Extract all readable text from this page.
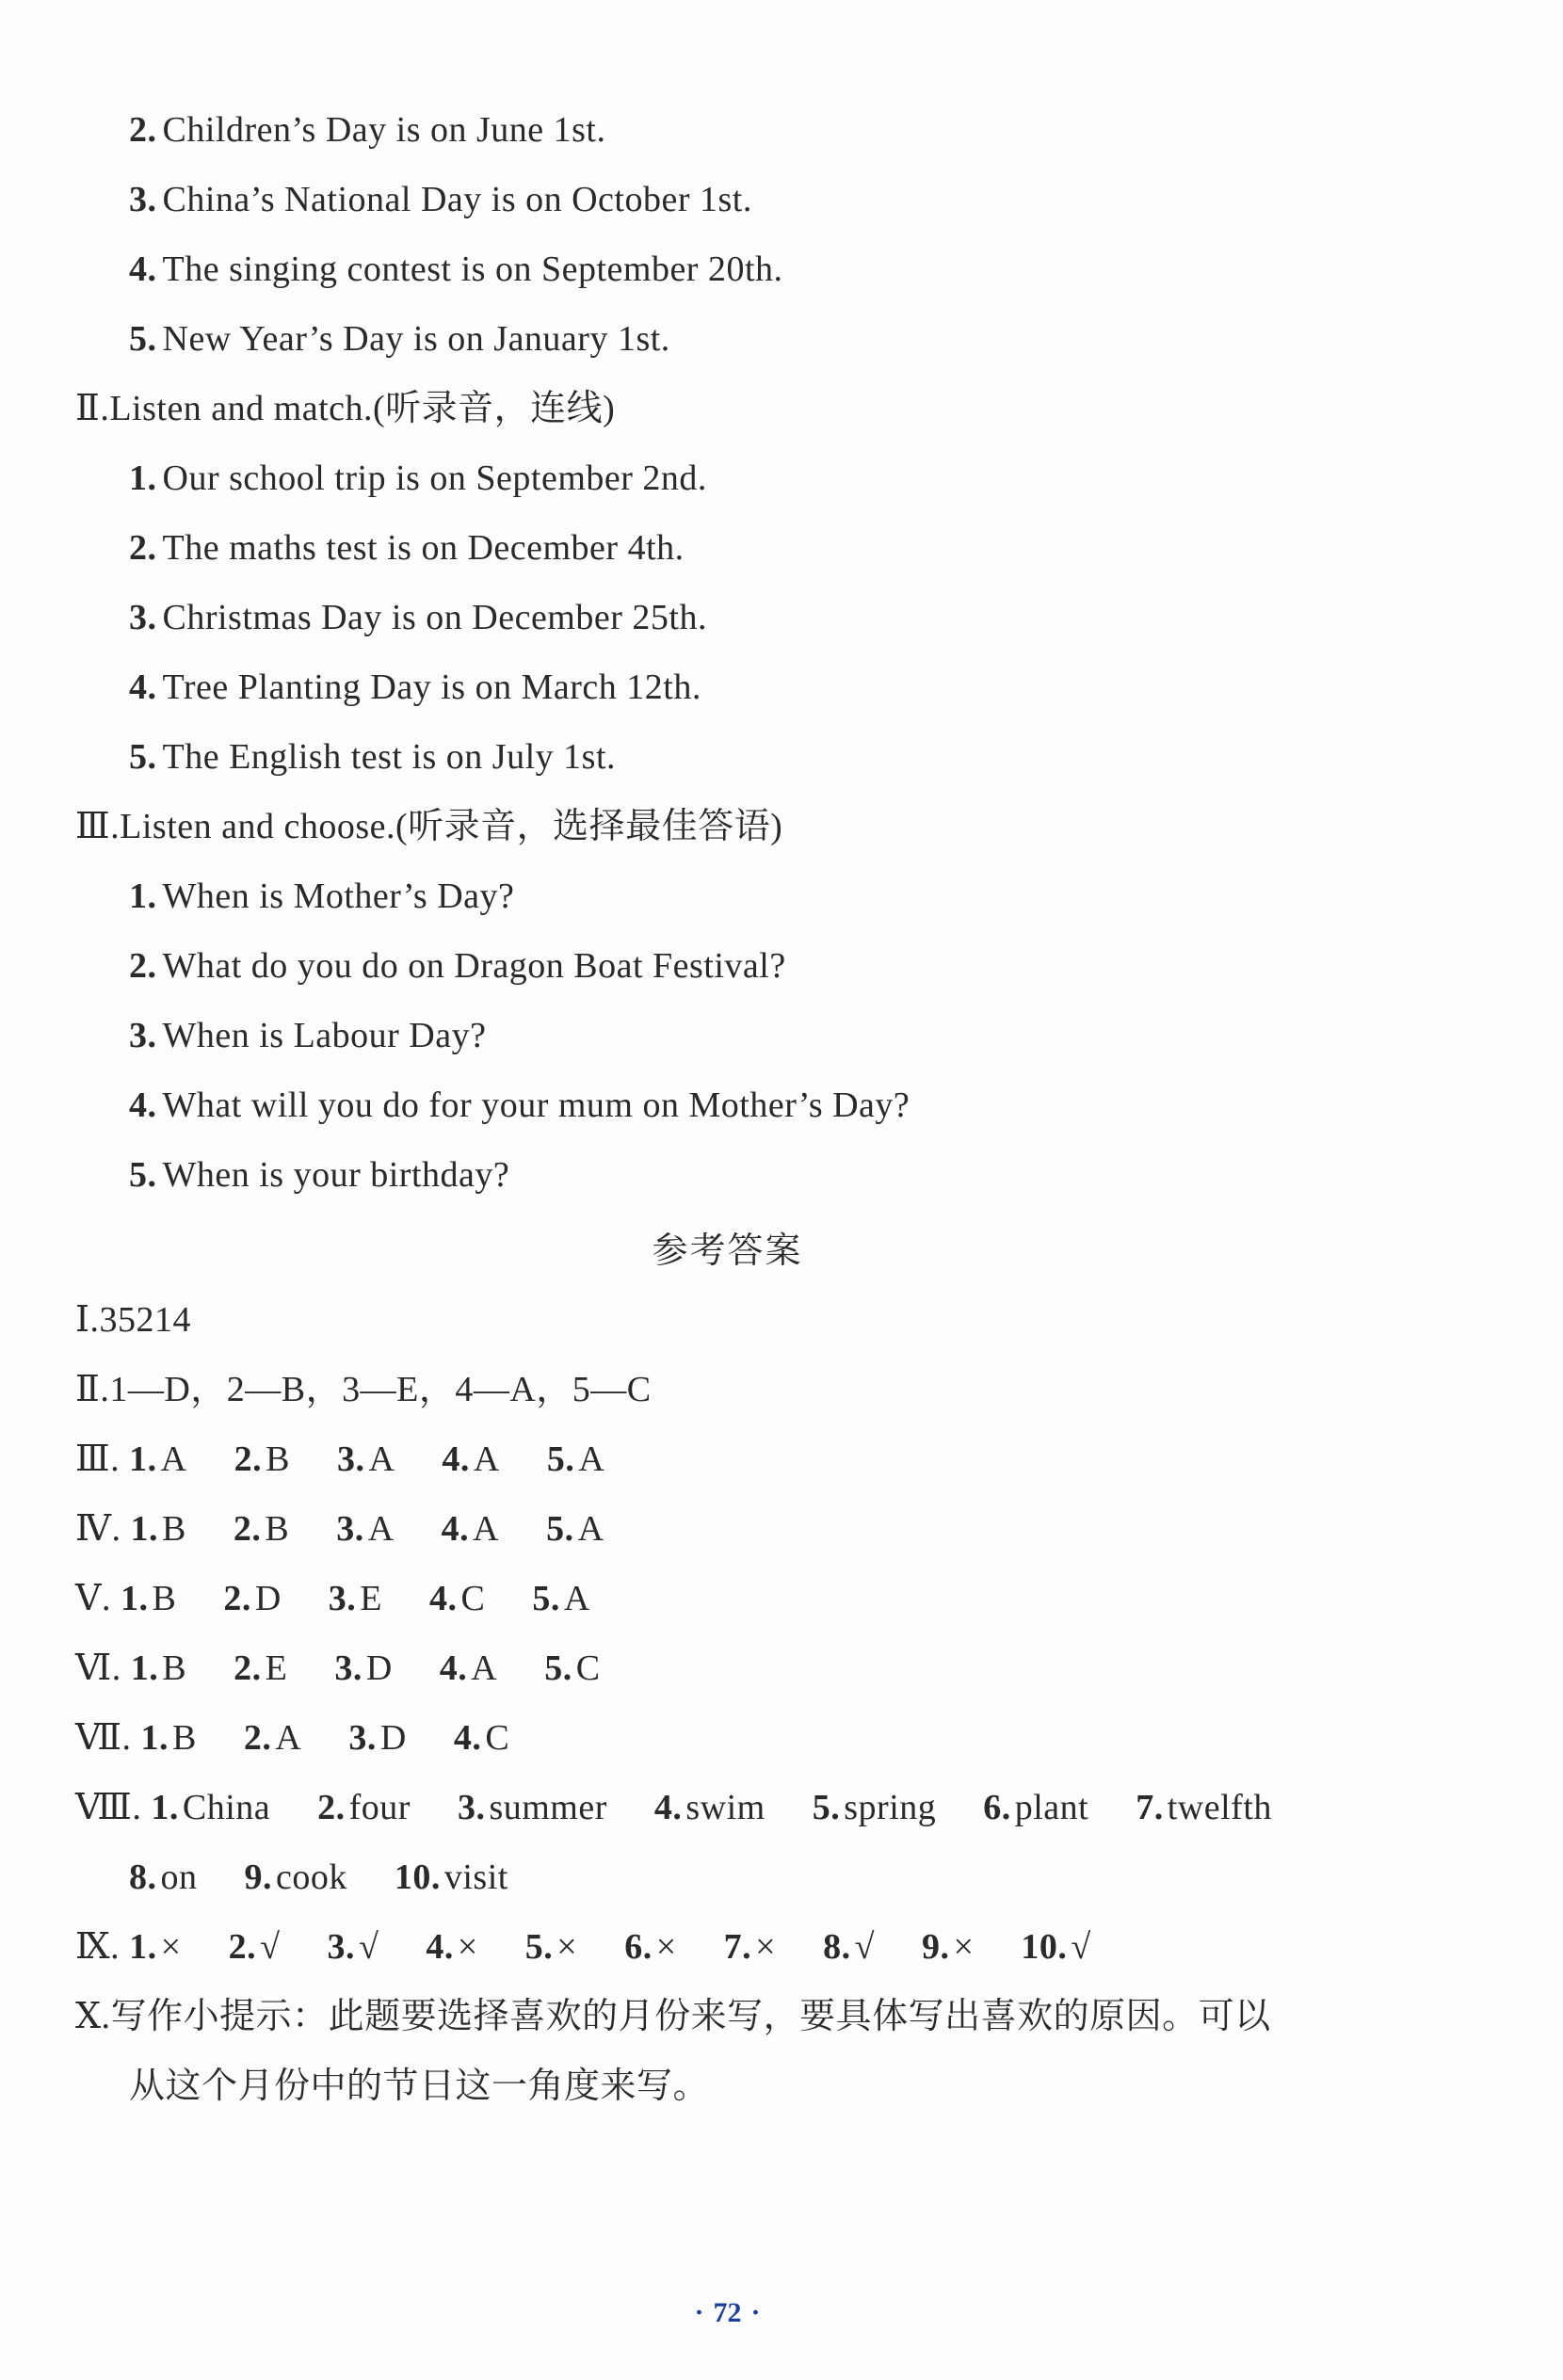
2. Children’s Day is on June 1st.
3. China’s National Day is on October 1st.
4. The singing contest is on September 20th.
5. New Year’s Day is on January 1st.
Ⅱ.Listen and match.(听录音，连线)
1. Our school trip is on September 2nd.
2. The maths test is on December 4th.
3. Christmas Day is on December 25th.
4. Tree Planting Day is on March 12th.
5. The English test is on July 1st.
Ⅲ.Listen and choose.(听录音，选择最佳答语)
1. When is Mother’s Day?
2. What do you do on Dragon Boat Festival?
3. When is Labour Day?
4. What will you do for your mum on Mother’s Day?
5. When is your birthday?
参考答案
Ⅰ.35214
Ⅱ.1—D，2—B，3—E，4—A，5—C
Ⅲ. 1. A 2. B 3. A 4. A 5. A
Ⅳ. 1. B 2. B 3. A 4. A 5. A
Ⅴ. 1. B 2. D 3. E 4. C 5. A
Ⅵ. 1. B 2. E 3. D 4. A 5. C
Ⅶ. 1. B 2. A 3. D 4. C
Ⅷ. 1. China 2. four 3. summer 4. swim 5. spring 6. plant 7. twelfth
8. on 9. cook 10. visit
Ⅸ. 1. × 2. √ 3. √ 4. × 5. × 6. × 7. × 8. √ 9. × 10. √
Ⅹ.写作小提示：此题要选择喜欢的月份来写，要具体写出喜欢的原因。可以
从这个月份中的节日这一角度来写。
· 72 ·
